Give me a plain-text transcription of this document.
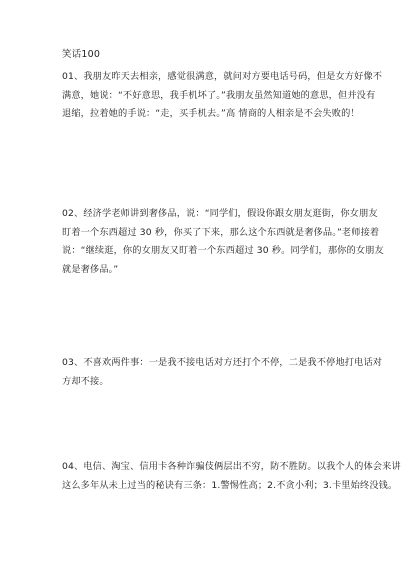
笑话100
01、我朋友昨天去相亲，感觉很满意，就问对方要电话号码，但是女方好像不
满意，她说：“不好意思，我手机坏了。”我朋友虽然知道她的意思，但并没有
退缩，拉着她的手说：“走，买手机去。”高 情商的人相亲是不会失败的！
02、经济学老师讲到奢侈品，说：“同学们，假设你跟女朋友逛街，你女朋友
盯着一个东西超过 30 秒，你买了下来，那么这个东西就是奢侈品。”老师接着
说：“继续逛，你的女朋友又盯着一个东西超过 30 秒。同学们，那你的女朋友
就是奢侈品。”
03、不喜欢两件事：一是我不接电话对方还打个不停，二是我不停地打电话对
方却不接。
04、电信、淘宝、信用卡各种诈骗伎俩层出不穷，防不胜防。以我个人的体会来讲
这么多年从未上过当的秘诀有三条：1.警惕性高；2.不贪小利；3.卡里始终没钱。
